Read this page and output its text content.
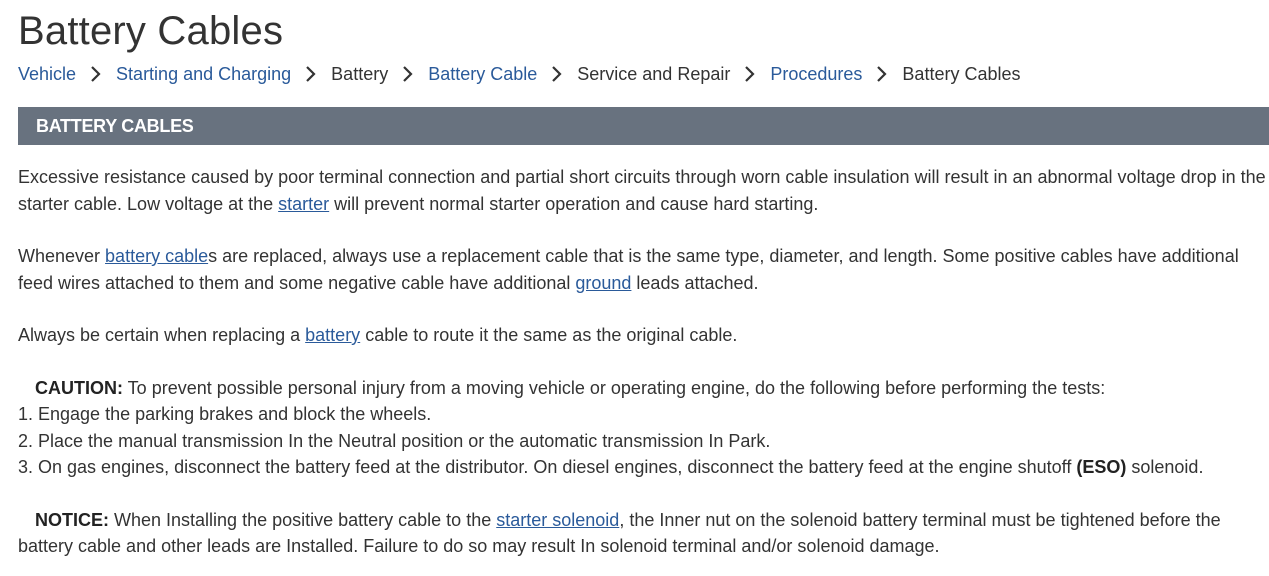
Battery Cables
Vehicle Starting and Charging Battery Battery Cable Service and Repair Procedures Battery Cables
BATTERY CABLES

Excessive resistance caused by poor terminal connection and partial short circuits through worn cable insulation will result in an abnormal voltage drop in the starter cable. Low voltage at the starter will prevent normal starter operation and cause hard starting.

Whenever battery cables are replaced, always use a replacement cable that is the same type, diameter, and length. Some positive cables have additional feed wires attached to them and some negative cable have additional ground leads attached.

Always be certain when replacing a battery cable to route it the same as the original cable.

CAUTION: To prevent possible personal injury from a moving vehicle or operating engine, do the following before performing the tests:
1. Engage the parking brakes and block the wheels.
2. Place the manual transmission In the Neutral position or the automatic transmission In Park.
3. On gas engines, disconnect the battery feed at the distributor. On diesel engines, disconnect the battery feed at the engine shutoff (ESO) solenoid.

NOTICE: When Installing the positive battery cable to the starter solenoid, the Inner nut on the solenoid battery terminal must be tightened before the battery cable and other leads are Installed. Failure to do so may result In solenoid terminal and/or solenoid damage.
